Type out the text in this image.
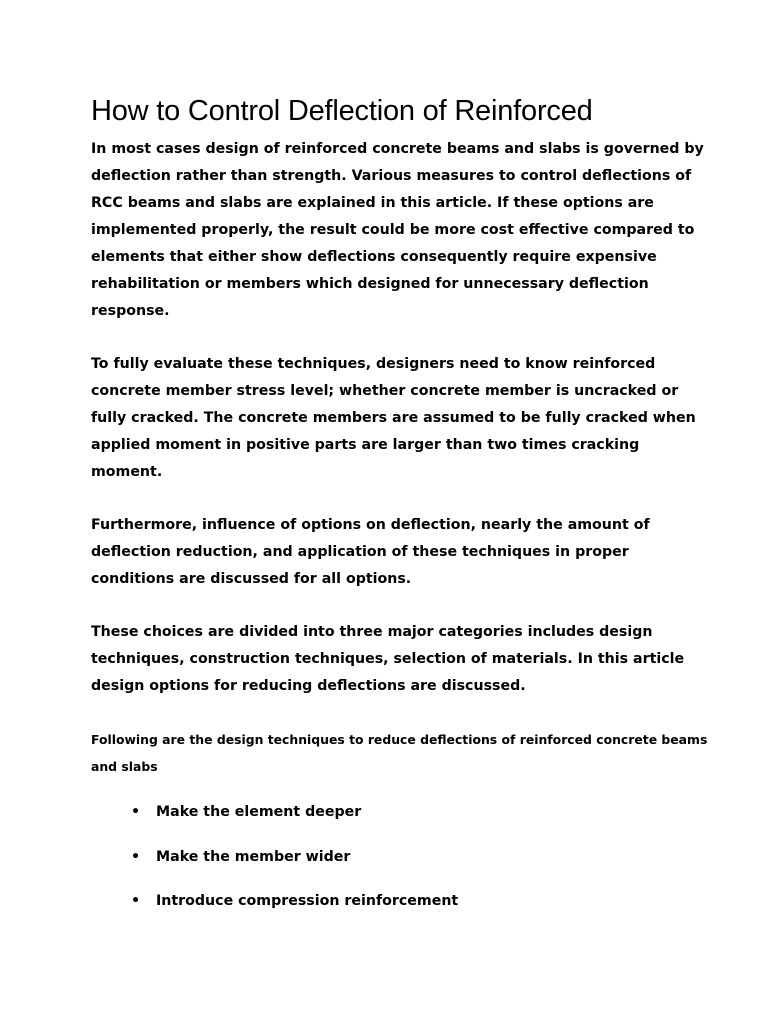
How to Control Deflection of Reinforced

In most cases design of reinforced concrete beams and slabs is governed by deflection rather than strength. Various measures to control deflections of RCC beams and slabs are explained in this article. If these options are implemented properly, the result could be more cost effective compared to elements that either show deflections consequently require expensive rehabilitation or members which designed for unnecessary deflection response.

To fully evaluate these techniques, designers need to know reinforced concrete member stress level; whether concrete member is uncracked or fully cracked. The concrete members are assumed to be fully cracked when applied moment in positive parts are larger than two times cracking moment.

Furthermore, influence of options on deflection, nearly the amount of deflection reduction, and application of these techniques in proper conditions are discussed for all options.

These choices are divided into three major categories includes design techniques, construction techniques, selection of materials. In this article design options for reducing deflections are discussed.

Following are the design techniques to reduce deflections of reinforced concrete beams and slabs

• Make the element deeper
• Make the member wider
• Introduce compression reinforcement
